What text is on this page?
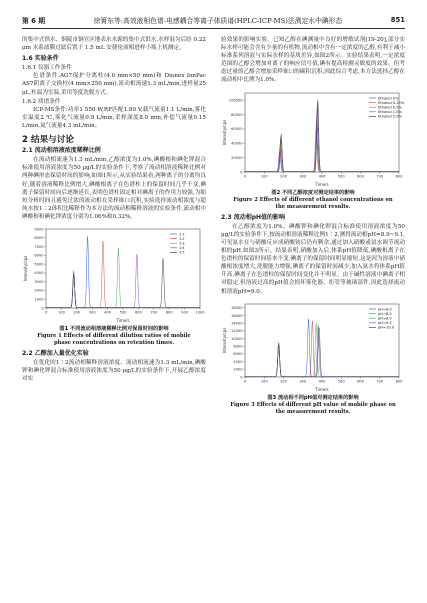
第 6 期	徐箐东等:高效液相色谱-电感耦合等离子体质谱(HPLC-ICP-MS)法测定水中碘形态	851

的集中式供水、铜陵市铜官区地表水水源的集中式供水,水样混匀后经 0.22 μm 水系滤膜过滤后置于 1.5 mL 安捷伦液相进样小瓶上机测定。

1.6 实验条件
1.6.1 仪器工作条件

色谱条件:AG7保护分离柱(4.0 mm×50 mm)和 Dionex IonPac AS7阴离子交换柱(4 mm×250 mm),流动相流速1.3 mL/min,进样量25 μL,柱温为室温,采用等度洗脱方式。

1.6.2 质谱条件

ICP-MS条件:功率1 550 W,RF匹配1.80 V,载气流量1.1 L/min,雾化室温度2 ℃,雾化气流量0.9 L/min,采样深度8.0 mm,补偿气流量0.15 L/min,氦气流量4.3 mL/min。

2 结果与讨论
2.1 流动相溶液浓度稀释比例

在流动相流速为1.3 mL/min,乙醇浓度为1.0%,碘酸根和碘化钾混合标准使用溶液浓度为50 μg/L的实验条件下,考察了流动相溶液稀释比例对两种碘形态保留时间的影响,如图1所示,从实验结果看,两种离子的分离均良好,随着溶液稀释比例增大,碘酸根离子在色谱柱上的保留时间几乎不变,碘离子保留时间向后逐渐延长,表明色谱柱固定相对碘离子的作用力较强,为缩短分析时间且避免过浓的流动相在采样锥口沉积,实验选择流动相浓度与超纯水按1∶2体积比稀释作为本方法的流动相稀释溶液的实验条件,流动相中碘酸根和碘化钾浓度分别为1.06%和0.32%。

0	100 200 300 400 500 600 700 800 900 1000
0
1000
2000
3000
4000
5000
6000
7000
8000
9000
Time/s
Intensity/cps
1∶1
1∶2
1∶3
1∶4
1∶5
图1 不同流动相溶液稀释比例对保留时间的影响
Figure 1 Effects of different dilution ratios of mobile phase concentrations on retention times.
2.2 乙醇加入量优化实验

在优化的1∶2流动相稀释溶液浓度、流动相流速为1.3 mL/min,碘酸钾和碘化钾混合标准使用溶液浓度为50 μg/L的实验条件下,开展乙醇浓度对实

验效果的影响实验。已知乙醇在碘测量中良好的增敏试剂[19-20],部分实际水样可能会含有少量的有机物,流动相中含有一定浓度的乙醇,有利于减小标准系列溶液与实际水样的基质差异,如图2所示。实验结果表明,一定浓度范围的乙醇会增加对离子的响应信号值,碘有提高检测灵敏度的效果。但考虑过量的乙醇会增加采样锥口的碳积沉积,因此综合考虑,本方法选择乙醇在流动相中比例为1.0%。

0	100	200	300	400	500	600	700	800
0
20000
40000
60000
80000
100000
Time/s
Intensity/cps
Ethanol 0%
Ethanol 0.25%
Ethanol 0.5%
Ethanol 1.0%
Ethanol 2.0%
图2 不同乙醇浓度对测定结果的影响
Figure 2 Effects of different ethanol concentrations on the measurement results.
2.3 流动相pH值的影响

在乙醇浓度为1.0%、碘酸钾和碘化钾混合标准使用溶液浓度为50 μg/L的实验条件下,按流动相溶液稀释比例1∶2,测得流动相pH=8.9~9.1,可见氨水在与硝酸反应成硝酸铵后仍有剩余,通过加入硝酸或氨水调节流动相的pH,如图3所示。结果表明,硝酸加入后,体系pH值降低,碘酸根离子在色谱柱的保留时间基本不变,碘离子的保留时间明显缩短,这是因为溶液中硝酸根浓度增大,洗脱能力增强,碘离子的保留时间减少;加入氨水将体系pH值升高,碘离子在色谱柱的保留时间变化并不明显。由于碱性溶液中碘离子相对稳定,但溶液过高的pH值会损坏雾化器、炬管等玻璃部件,因此选择流动相溶液pH=9.0。

0	100	200	300	400	500	600	700	800
0
2000
4000
6000
8000
10000
12000
14000
16000
18000
Time/s
Intensity/cps
pH=8.0
pH=8.5
pH=9.0
pH=9.5
pH=10.0
图3 流动相不同pH值对测定结果的影响
Figure 3 Effects of different pH value of mobile phase on the measurement results.
